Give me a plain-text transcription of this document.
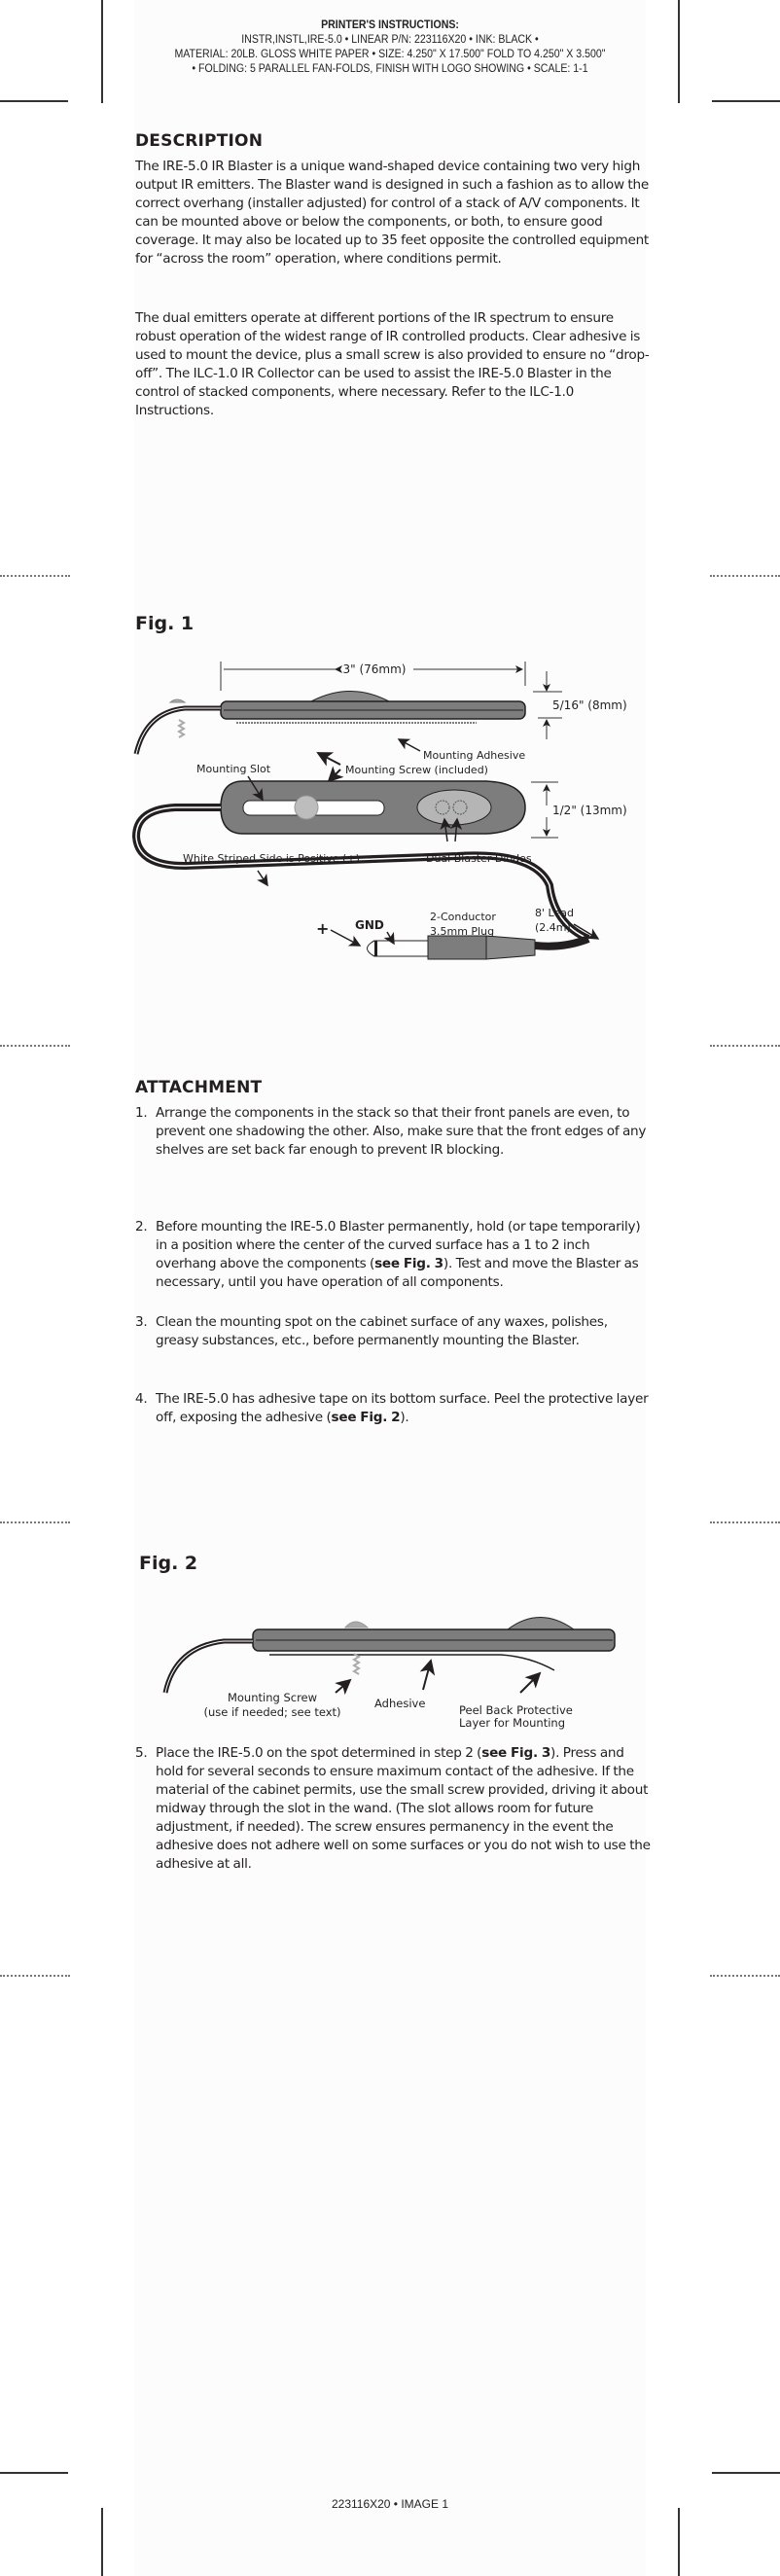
PRINTER'S INSTRUCTIONS:
INSTR,INSTL,IRE-5.0 • LINEAR P/N: 223116X20 • INK: BLACK •
MATERIAL: 20LB. GLOSS WHITE PAPER • SIZE: 4.250" X 17.500" FOLD TO 4.250" X 3.500"
• FOLDING: 5 PARALLEL FAN-FOLDS, FINISH WITH LOGO SHOWING • SCALE: 1-1
DESCRIPTION
The IRE-5.0 IR Blaster is a unique wand-shaped device containing two very high output IR emitters. The Blaster wand is designed in such a fashion as to allow the correct overhang (installer adjusted) for control of a stack of A/V components. It can be mounted above or below the components, or both, to ensure good coverage. It may also be located up to 35 feet opposite the controlled equipment for “across the room” operation, where conditions permit.
The dual emitters operate at different portions of the IR spectrum to ensure robust operation of the widest range of IR controlled products. Clear adhesive is used to mount the device, plus a small screw is also provided to ensure no “drop-off”. The ILC-1.0 IR Collector can be used to assist the IRE-5.0 Blaster in the control of stacked components, where necessary. Refer to the ILC-1.0 Instructions.
Fig. 1
3" (76mm)
5/16" (8mm)
Mounting Adhesive
Mounting Slot	Mounting Screw (included)
1/2" (13mm)
White Striped Side is Positive (+)	Dual Blaster Diodes
+ GND
2-Conductor
3.5mm Plug
8' Lead
(2.4m)
ATTACHMENT
1. Arrange the components in the stack so that their front panels are even, to prevent one shadowing the other. Also, make sure that the front edges of any shelves are set back far enough to prevent IR blocking.
2. Before mounting the IRE-5.0 Blaster permanently, hold (or tape temporarily) in a position where the center of the curved surface has a 1 to 2 inch overhang above the components (see Fig. 3). Test and move the Blaster as necessary, until you have operation of all components.
3. Clean the mounting spot on the cabinet surface of any waxes, polishes, greasy substances, etc., before permanently mounting the Blaster.
4. The IRE-5.0 has adhesive tape on its bottom surface. Peel the protective layer off, exposing the adhesive (see Fig. 2).
Fig. 2
Mounting Screw
(use if needed; see text)
Adhesive	Peel Back Protective
Layer for Mounting
5. Place the IRE-5.0 on the spot determined in step 2 (see Fig. 3). Press and hold for several seconds to ensure maximum contact of the adhesive. If the material of the cabinet permits, use the small screw provided, driving it about midway through the slot in the wand. (The slot allows room for future adjustment, if needed). The screw ensures permanency in the event the adhesive does not adhere well on some surfaces or you do not wish to use the adhesive at all.
223116X20 • IMAGE 1
